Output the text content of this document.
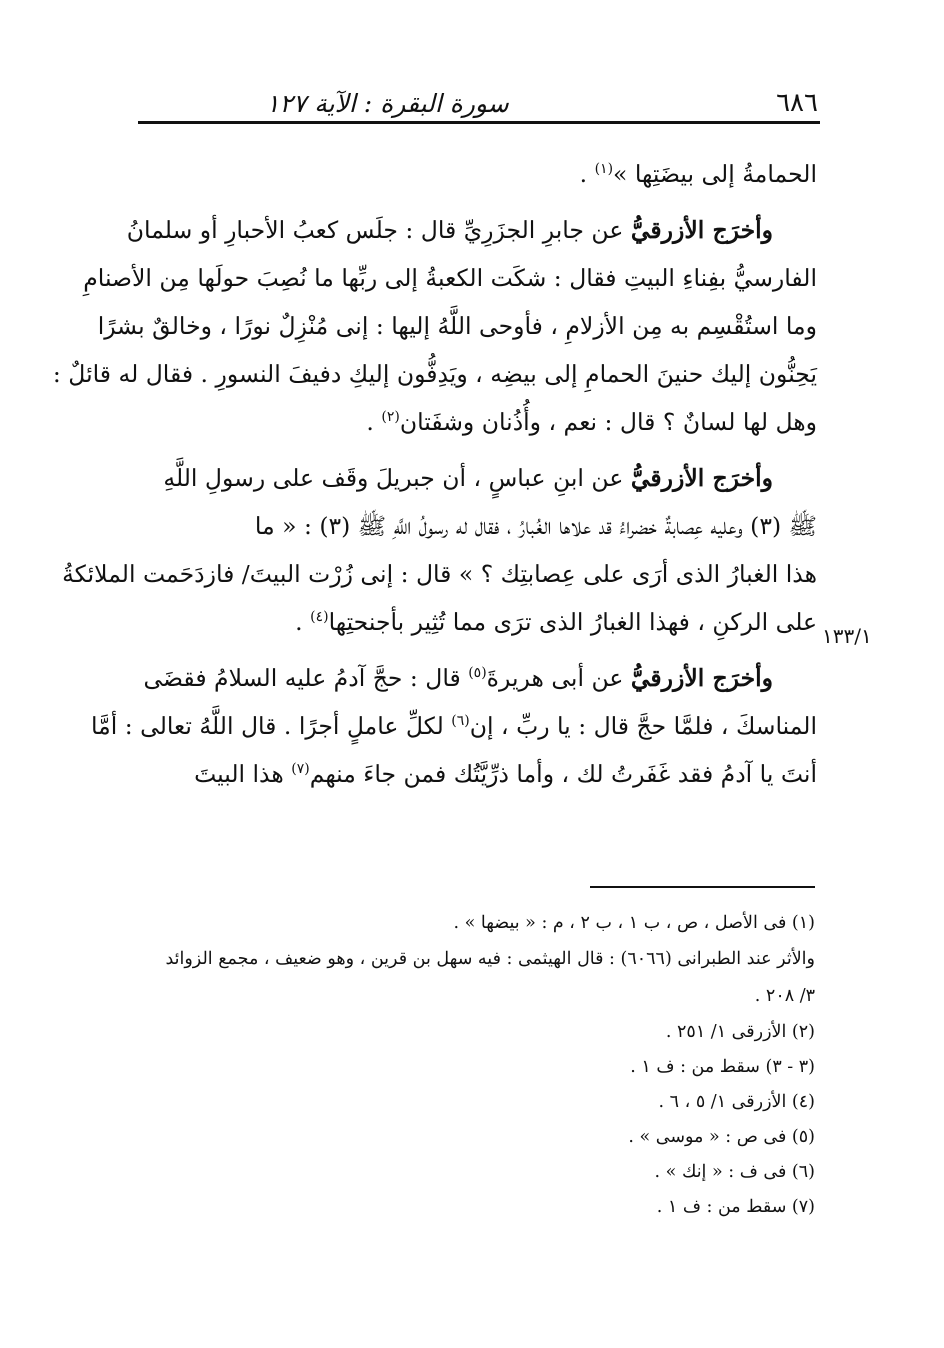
٦٨٦
سورة البقرة : الآية ١٢٧
الحمامةُ إلى بيضَتِها »$^{(١)}$ .
وأخرَج الأزرقيُّ عن جابرِ الجزَرِيِّ قال : جلَس كعبُ الأحبارِ أو سلمانُ
الفارسيُّ بفِناءِ البيتِ فقال : شكَت الكعبةُ إلى ربِّها ما نُصِبَ حولَها مِن الأصنامِ
وما استُقْسِم به مِن الأزلامِ ، فأوحى اللَّهُ إليها : إنى مُنْزِلٌ نورًا ، وخالقٌ بشرًا
يَحِنُّون إليك حنينَ الحمامِ إلى بيضِه ، ويَدِفُّون إليكِ دفيفَ النسورِ . فقال له قائلٌ :
وهل لها لسانٌ ؟ قال : نعم ، وأُذُنان وشفَتان$^{(٢)}$ .
وأخرَج الأزرقيُّ عن ابنِ عباسٍ ، أن جبريلَ وقَف على رسولِ اللَّهِ
ﷺ (٣) وعليه عِصابةٌ خضراءُ قد علاها الغُبارُ ، فقال له رسولُ اللَّهِ ﷺ (٣) : « ما
هذا الغبارُ الذى أرَى على عِصابتِك ؟ » قال : إنى زُرْت البيتَ/ فازدَحَمت الملائكةُ
على الركنِ ، فهذا الغبارُ الذى ترَى مما تُثِير بأجنحتِها$^{(٤)}$ .
وأخرَج الأزرقيُّ عن أبى هريرةَ$^{(٥)}$ قال : حجَّ آدمُ عليه السلامُ فقضَى
المناسكَ ، فلمَّا حجَّ قال : يا ربِّ ، إن$^{(٦)}$ لكلِّ عاملٍ أجرًا . قال اللَّهُ تعالى : أمَّا
أنتَ يا آدمُ فقد غَفَرتُ لك ، وأما ذرِّيَّتُك فمن جاءَ منهم$^{(٧)}$ هذا البيتَ
١٣٣/١
(١) فى الأصل ، ص ، ب ١ ، ب ٢ ، م : « بيضها » .
والأثر عند الطبرانى (٦٠٦٦) : قال الهيثمى : فيه سهل بن قرين ، وهو ضعيف ، مجمع الزوائد
٣/ ٢٠٨ .
(٢) الأزرقى ١/ ٢٥١ .
(٣ - ٣) سقط من : ف ١ .
(٤) الأزرقى ١/ ٥ ، ٦ .
(٥) فى ص : « موسى » .
(٦) فى ف : « إنك » .
(٧) سقط من : ف ١ .
